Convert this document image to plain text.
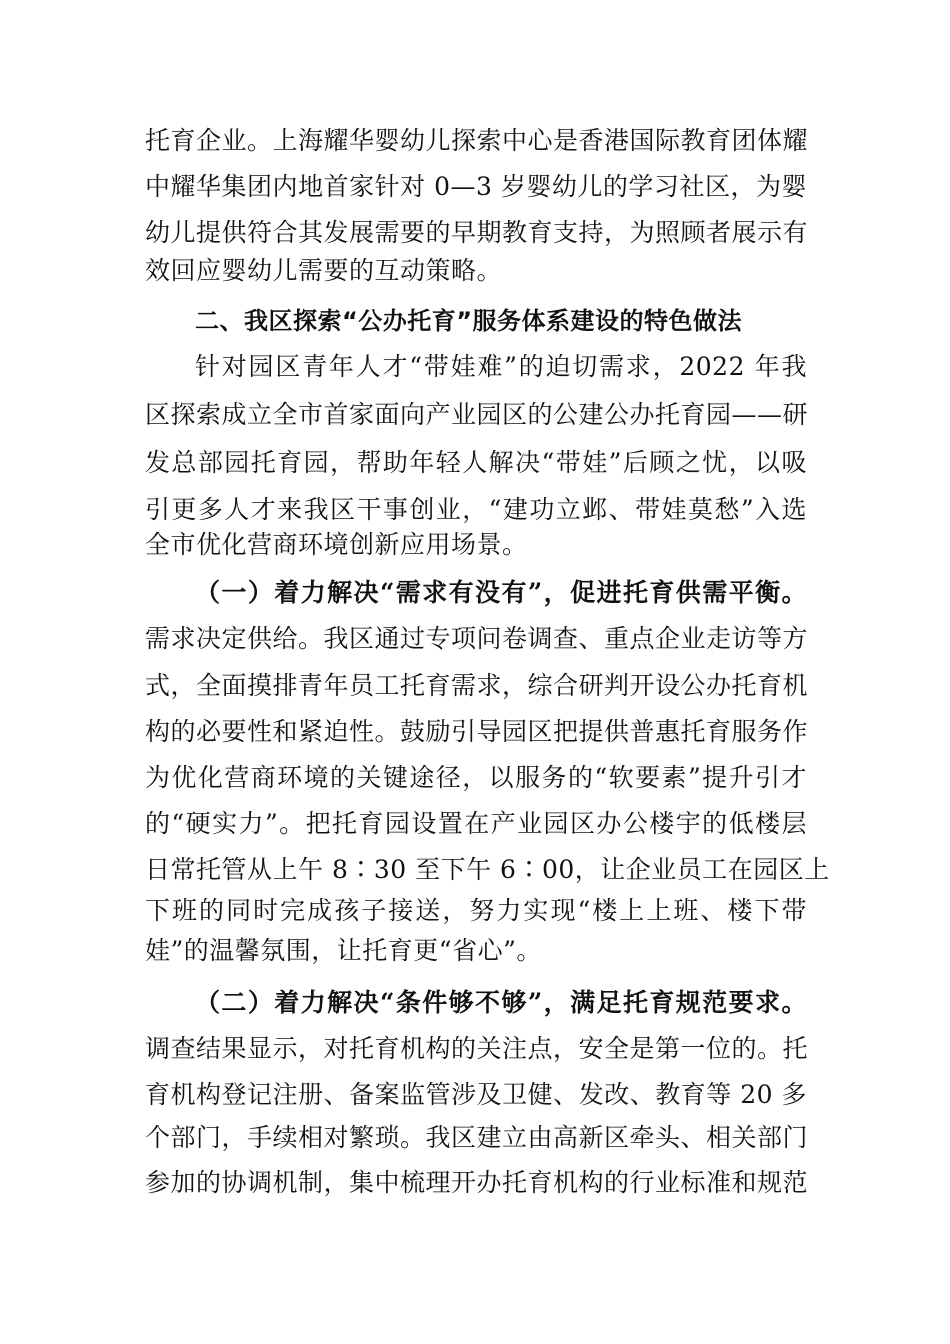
托育企业。上海耀华婴幼儿探索中心是香港国际教育团体耀
中耀华集团内地首家针对 0—3 岁婴幼儿的学习社区，为婴
幼儿提供符合其发展需要的早期教育支持，为照顾者展示有
效回应婴幼儿需要的互动策略。
二、我区探索“公办托育”服务体系建设的特色做法
针对园区青年人才“带娃难”的迫切需求，2022 年我
区探索成立全市首家面向产业园区的公建公办托育园——研
发总部园托育园，帮助年轻人解决“带娃”后顾之忧，以吸
引更多人才来我区干事创业，“建功立邺、带娃莫愁”入选
全市优化营商环境创新应用场景。
（一）着力解决“需求有没有”，促进托育供需平衡。
需求决定供给。我区通过专项问卷调查、重点企业走访等方
式，全面摸排青年员工托育需求，综合研判开设公办托育机
构的必要性和紧迫性。鼓励引导园区把提供普惠托育服务作
为优化营商环境的关键途径，以服务的“软要素”提升引才
的“硬实力”。把托育园设置在产业园区办公楼宇的低楼层
日常托管从上午 8∶30 至下午 6∶00，让企业员工在园区上
下班的同时完成孩子接送，努力实现“楼上上班、楼下带
娃”的温馨氛围，让托育更“省心”。
（二）着力解决“条件够不够”，满足托育规范要求。
调查结果显示，对托育机构的关注点，安全是第一位的。托
育机构登记注册、备案监管涉及卫健、发改、教育等 20 多
个部门，手续相对繁琐。我区建立由高新区牵头、相关部门
参加的协调机制，集中梳理开办托育机构的行业标准和规范
